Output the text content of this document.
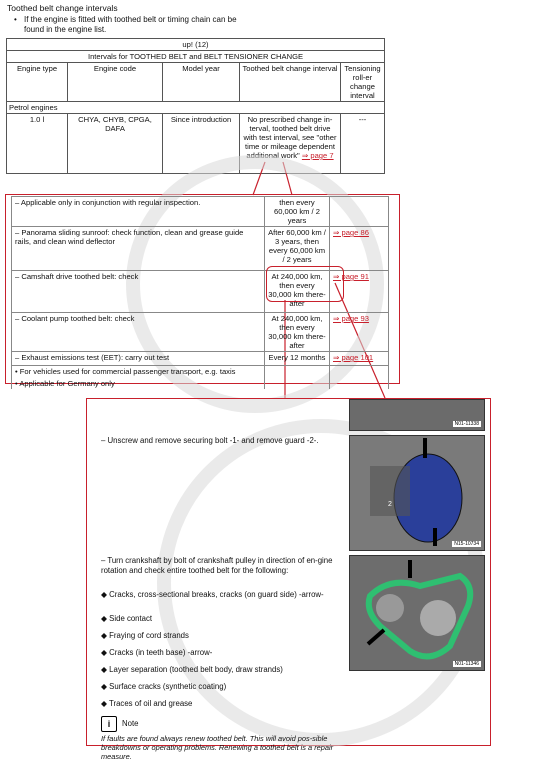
Toothed belt change intervals
• If the engine is fitted with toothed belt or timing chain can be found in the engine list.
up! (12)				
Intervals for TOOTHED BELT and BELT TENSIONER CHANGE				
Engine type	Engine code	Model year	Toothed belt change interval	Tensioning roll-er change interval
Petrol engines				
1.0 l	CHYA, CHYB, CPGA, DAFA	Since introduction	No prescribed change in-terval, toothed belt drive with test interval, see "other time or mileage dependent additional work" ⇒ page 7	---
– Applicable only in conjunction with regular inspection.	then every 60,000 km / 2 years	
– Panorama sliding sunroof: check function, clean and grease guide rails, and clean wind deflector	After 60,000 km / 3 years, then every 60,000 km / 2 years	⇒ page 86
– Camshaft drive toothed belt: check	At 240,000 km, then every 30,000 km there-after	⇒ page 91
– Coolant pump toothed belt: check	At 240,000 km, then every 30,000 km there-after	⇒ page 93
– Exhaust emissions test (EET): carry out test	Every 12 months	⇒ page 101
• For vehicles used for commercial passenger transport, e.g. taxis		
• Applicable for Germany only		
N01-11338
2
N15-10734
N01-11346
– Unscrew and remove securing bolt -1- and remove guard -2-.
– Turn crankshaft by bolt of crankshaft pulley in direction of en-gine rotation and check entire toothed belt for the following:
◆ Cracks, cross-sectional breaks, cracks (on guard side) -arrow-
◆ Side contact
◆ Fraying of cord strands
◆ Cracks (in teeth base) -arrow-
◆ Layer separation (toothed belt body, draw strands)
◆ Surface cracks (synthetic coating)
◆ Traces of oil and grease
i	Note
If faults are found always renew toothed belt. This will avoid pos-sible breakdowns or operating problems. Renewing a toothed belt is a repair measure.
